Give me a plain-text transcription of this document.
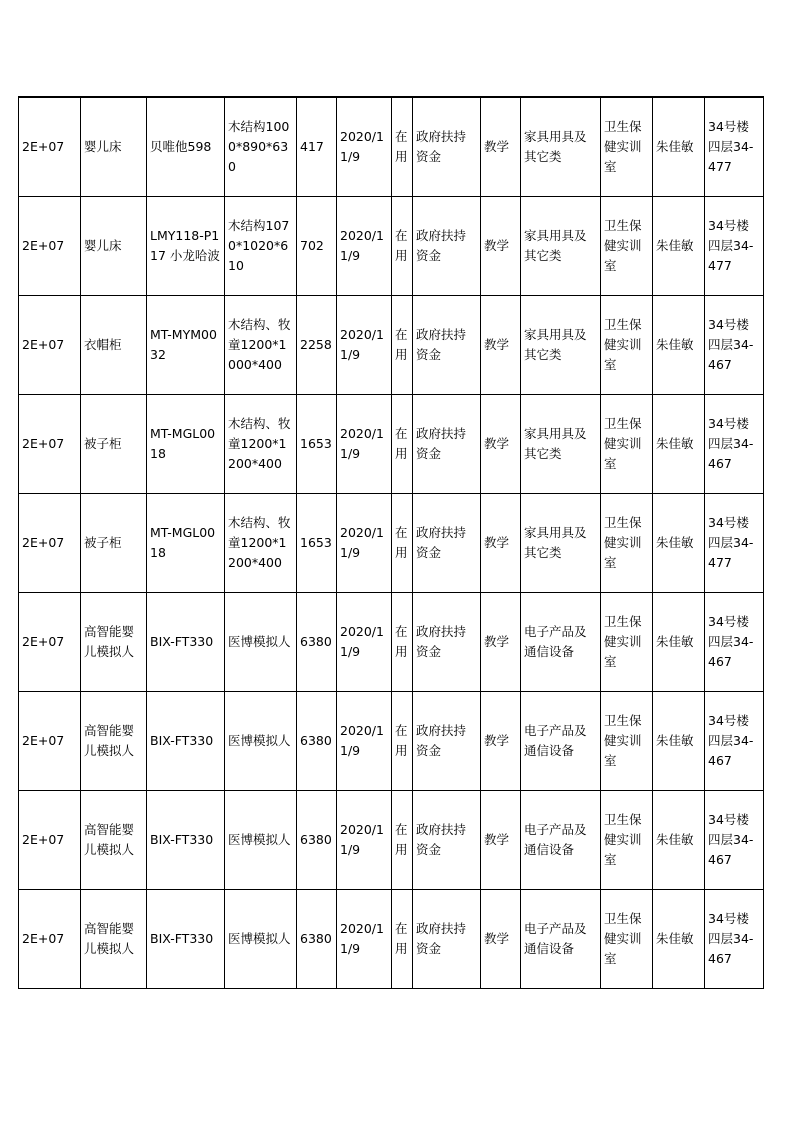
2E+07	婴儿床	贝唯他598	木结构1000*890*630	417	2020/11/9	在用	政府扶持资金	教学	家具用具及其它类	卫生保健实训室	朱佳敏	34号楼四层34-477
2E+07	婴儿床	LMY118-P117 小龙哈波	木结构1070*1020*610	702	2020/11/9	在用	政府扶持资金	教学	家具用具及其它类	卫生保健实训室	朱佳敏	34号楼四层34-477
2E+07	衣帽柜	MT-MYM0032	木结构、牧童1200*1000*400	2258	2020/11/9	在用	政府扶持资金	教学	家具用具及其它类	卫生保健实训室	朱佳敏	34号楼四层34-467
2E+07	被子柜	MT-MGL0018	木结构、牧童1200*1200*400	1653	2020/11/9	在用	政府扶持资金	教学	家具用具及其它类	卫生保健实训室	朱佳敏	34号楼四层34-467
2E+07	被子柜	MT-MGL0018	木结构、牧童1200*1200*400	1653	2020/11/9	在用	政府扶持资金	教学	家具用具及其它类	卫生保健实训室	朱佳敏	34号楼四层34-477
2E+07	高智能婴儿模拟人	BIX-FT330	医博模拟人	6380	2020/11/9	在用	政府扶持资金	教学	电子产品及通信设备	卫生保健实训室	朱佳敏	34号楼四层34-467
2E+07	高智能婴儿模拟人	BIX-FT330	医博模拟人	6380	2020/11/9	在用	政府扶持资金	教学	电子产品及通信设备	卫生保健实训室	朱佳敏	34号楼四层34-467
2E+07	高智能婴儿模拟人	BIX-FT330	医博模拟人	6380	2020/11/9	在用	政府扶持资金	教学	电子产品及通信设备	卫生保健实训室	朱佳敏	34号楼四层34-467
2E+07	高智能婴儿模拟人	BIX-FT330	医博模拟人	6380	2020/11/9	在用	政府扶持资金	教学	电子产品及通信设备	卫生保健实训室	朱佳敏	34号楼四层34-467
